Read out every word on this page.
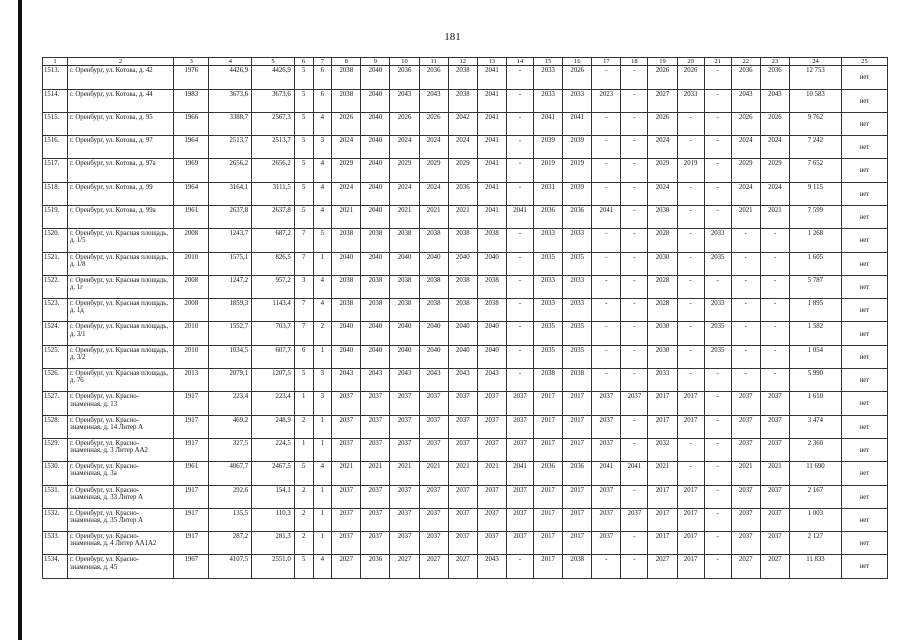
181
1	2	3	4	5	6	7	8	9	10	11	12	13	14	15	16	17	18	19	20	21	22	23	24	25
1513.	г. Оренбург, ул. Котова, д. 42	1976	4426,9	4426,9	5	6	2038	2040	2036	2036	2038	2041	-	2033	2026	-	-	2026	2026	-	2036	2036	12 753	нет
1514.	г. Оренбург, ул. Котова, д. 44	1983	3673,6	3673,6	5	6	2038	2040	2043	2043	2038	2041	-	2033	2033	2023	-	2027	2033	-	2043	2043	10 583	нет
1515.	г. Оренбург, ул. Котова, д. 95	1966	3388,7	2567,3	5	4	2026	2040	2026	2026	2042	2041	-	2041	2041	-	-	2026	-	-	2026	2026	9 762	нет
1516.	г. Оренбург, ул. Котова, д. 97	1964	2513,7	2513,7	5	3	2024	2040	2024	2024	2024	2041	-	2039	2039	-	-	2024	-	-	2024	2024	7 242	нет
1517.	г. Оренбург, ул. Котова, д. 97а	1969	2656,2	2656,2	5	4	2029	2040	2029	2029	2029	2041	-	2019	2019	-	-	2029	2019	-	2029	2029	7 652	нет
1518.	г. Оренбург, ул. Котова, д. 99	1964	3164,1	3111,5	5	4	2024	2040	2024	2024	2036	2041	-	2031	2039	-	-	2024	-	-	2024	2024	9 115	нет
1519.	г. Оренбург, ул. Котова, д. 99а	1961	2637,8	2637,8	5	4	2021	2040	2021	2021	2021	2041	2041	2036	2036	2041	-	2030	-	-	2021	2021	7 599	нет
1520.	г. Оренбург, ул. Красная площадь, д. 1/5	2008	1243,7	687,2	7	5	2038	2038	2038	2038	2038	2038	-	2033	2033	-	-	2028	-	2033	-	-	1 268	нет
1521.	г. Оренбург, ул. Красная площадь, д. 1/8	2010	1575,1	826,5	7	1	2040	2040	2040	2040	2040	2040	-	2035	2035	-	-	2030	-	2035	-	-	1 605	нет
1522.	г. Оренбург, ул. Красная площадь, д. 1г	2008	1247,2	957,2	3	4	2038	2038	2038	2038	2038	2038	-	2033	2033	-	-	2028	-	-	-	-	5 787	нет
1523.	г. Оренбург, ул. Красная площадь, д. 1д	2008	1859,3	1143,4	7	4	2038	2038	2038	2038	2038	2038	-	2033	2033	-	-	2028	-	2033	-	-	1 895	нет
1524.	г. Оренбург, ул. Красная площадь, д. 3/1	2010	1552,7	703,7	7	2	2040	2040	2040	2040	2040	2040	-	2035	2035	-	-	2030	-	2035	-	-	1 582	нет
1525.	г. Оренбург, ул. Красная площадь, д. 3/2	2010	1034,5	607,7	6	1	2040	2040	2040	2040	2040	2040	-	2035	2035	-	-	2030	-	2035	-	-	1 054	нет
1526.	г. Оренбург, ул. Красная площадь, д. 76	2013	2079,1	1207,5	5	3	2043	2043	2043	2043	2043	2043	-	2038	2038	-	-	2033	-	-	-	-	5 990	нет
1527.	г. Оренбург, ул. Красно- знаменная, д. 13	1917	223,4	223,4	1	3	2037	2037	2037	2037	2037	2037	2037	2017	2017	2037	2037	2017	2017	-	2037	2037	1 610	нет
1528.	г. Оренбург, ул. Красно- знаменная, д. 14 Литер А	1917	469,2	248,9	2	1	2037	2037	2037	2037	2037	2037	2037	2017	2017	2037	-	2017	2017	-	2037	2037	3 474	нет
1529.	г. Оренбург, ул. Красно- знаменная, д. 3 Литер АА2	1917	327,5	224,5	1	1	2037	2037	2037	2037	2037	2037	2037	2017	2017	2037	-	2032	-	-	2037	2037	2 360	нет
1530.	г. Оренбург, ул. Красно- знаменная, д. 3а	1961	4067,7	2467,5	5	4	2021	2021	2021	2021	2021	2021	2041	2036	2036	2041	2041	2021	-	-	2021	2021	11 690	нет
1531.	г. Оренбург, ул. Красно- знаменная, д. 33 Литер А	1917	292,6	154,1	2	1	2037	2037	2037	2037	2037	2037	2037	2017	2017	2037	-	2017	2017	-	2037	2037	2 167	нет
1532.	г. Оренбург, ул. Красно- знаменная, д. 35 Литер А	1917	135,5	110,3	2	1	2037	2037	2037	2037	2037	2037	2037	2017	2017	2037	2037	2017	2017	-	2037	2037	1 003	нет
1533.	г. Оренбург, ул. Красно- знаменная, д. 4 Литер АА1А2	1917	287,2	281,3	2	1	2037	2037	2037	2037	2037	2037	2037	2017	2017	2037	-	2017	2017	-	2037	2037	2 127	нет
1534.	г. Оренбург, ул. Красно- знаменная, д. 45	1967	4107,5	2551,0	5	4	2027	2036	2027	2027	2027	2043	-	2017	2038	-	-	2027	2017	-	2027	2027	11 833	нет
